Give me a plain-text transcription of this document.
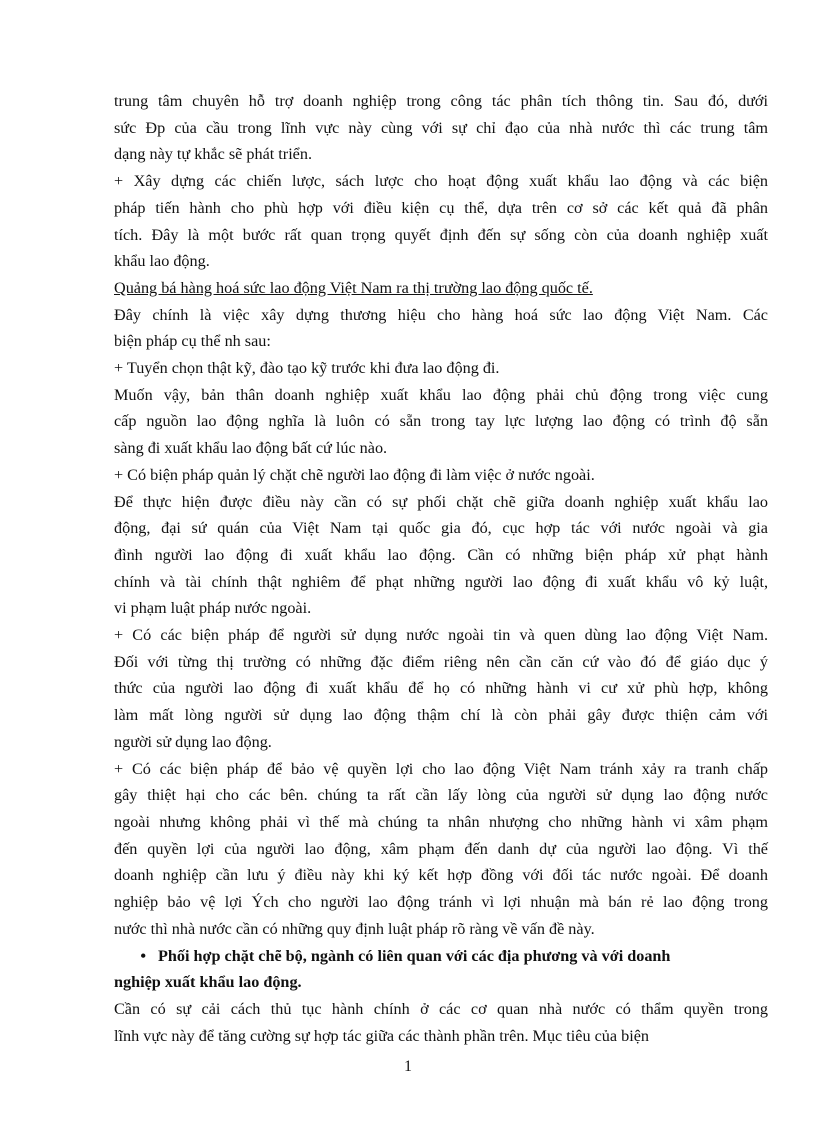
trung tâm chuyên hỗ trợ doanh nghiệp trong công tác phân tích thông tin. Sau đó, dưới

sức Ðp của cầu trong lĩnh vực này cùng với sự chỉ đạo của nhà nước thì các trung tâm

dạng này tự khắc sẽ phát triển.

+ Xây dựng các chiến lược, sách lược cho hoạt động xuất khẩu lao động và các biện

pháp tiến hành cho phù hợp với điều kiện cụ thể, dựa trên cơ sở các kết quả đã phân

tích. Đây là một bước rất quan trọng quyết định đến sự sống còn của doanh nghiệp xuất

khẩu lao động.

Quảng bá hàng hoá sức lao động Việt Nam ra thị trường lao động quốc tế.

Đây chính là việc xây dựng thương hiệu cho hàng hoá sức lao động Việt Nam. Các

biện pháp cụ thể nh sau:

+ Tuyển chọn thật kỹ, đào tạo kỹ trước khi đưa lao động đi.

Muốn vậy, bản thân doanh nghiệp xuất khẩu lao động phải chủ động trong việc cung

cấp nguồn lao động nghĩa là luôn có sẵn trong tay lực lượng lao động có trình độ sẵn

sàng đi xuất khẩu lao động bất cứ lúc nào.

+ Có biện pháp quản lý chặt chẽ người lao động đi làm việc ở nước ngoài.

Để thực hiện được điều này cần có sự phối chặt chẽ giữa doanh nghiệp xuất khẩu lao

động, đại sứ quán của Việt Nam tại quốc gia đó, cục hợp tác với nước ngoài và gia

đình người lao động đi xuất khẩu lao động. Cần có những biện pháp xử phạt hành

chính và tài chính thật nghiêm để phạt những người lao động đi xuất khẩu vô kỷ luật,

vi phạm luật pháp nước ngoài.

+ Có các biện pháp để người sử dụng nước ngoài tin và quen dùng lao động Việt Nam.

Đối với từng thị trường có những đặc điểm riêng nên cần căn cứ vào đó để giáo dục ý

thức của người lao động đi xuất khẩu để họ có những hành vi cư xử phù hợp, không

làm mất lòng người sử dụng lao động thậm chí là còn phải gây được thiện cảm với

người sử dụng lao động.

+ Có các biện pháp để bảo vệ quyền lợi cho lao động Việt Nam tránh xảy ra tranh chấp

gây thiệt hại cho các bên. chúng ta rất cần lấy lòng của người sử dụng lao động nước

ngoài nhưng không phải vì thế mà chúng ta nhân nhượng cho những hành vi xâm phạm

đến quyền lợi của người lao động, xâm phạm đến danh dự của người lao động. Vì thế

doanh nghiệp cần lưu ý điều này khi ký kết hợp đồng với đối tác nước ngoài. Để doanh

nghiệp bảo vệ lợi Ých cho người lao động tránh vì lợi nhuận mà bán rẻ lao động trong

nước thì nhà nước cần có những quy định luật pháp rõ ràng về vấn đề này.

• Phối hợp chặt chẽ bộ, ngành có liên quan với các địa phương và với doanh

nghiệp xuất khẩu lao động.

Cần có sự cải cách thủ tục hành chính ở các cơ quan nhà nước có thẩm quyền trong

lĩnh vực này để tăng cường sự hợp tác giữa các thành phần trên. Mục tiêu của biện

1
